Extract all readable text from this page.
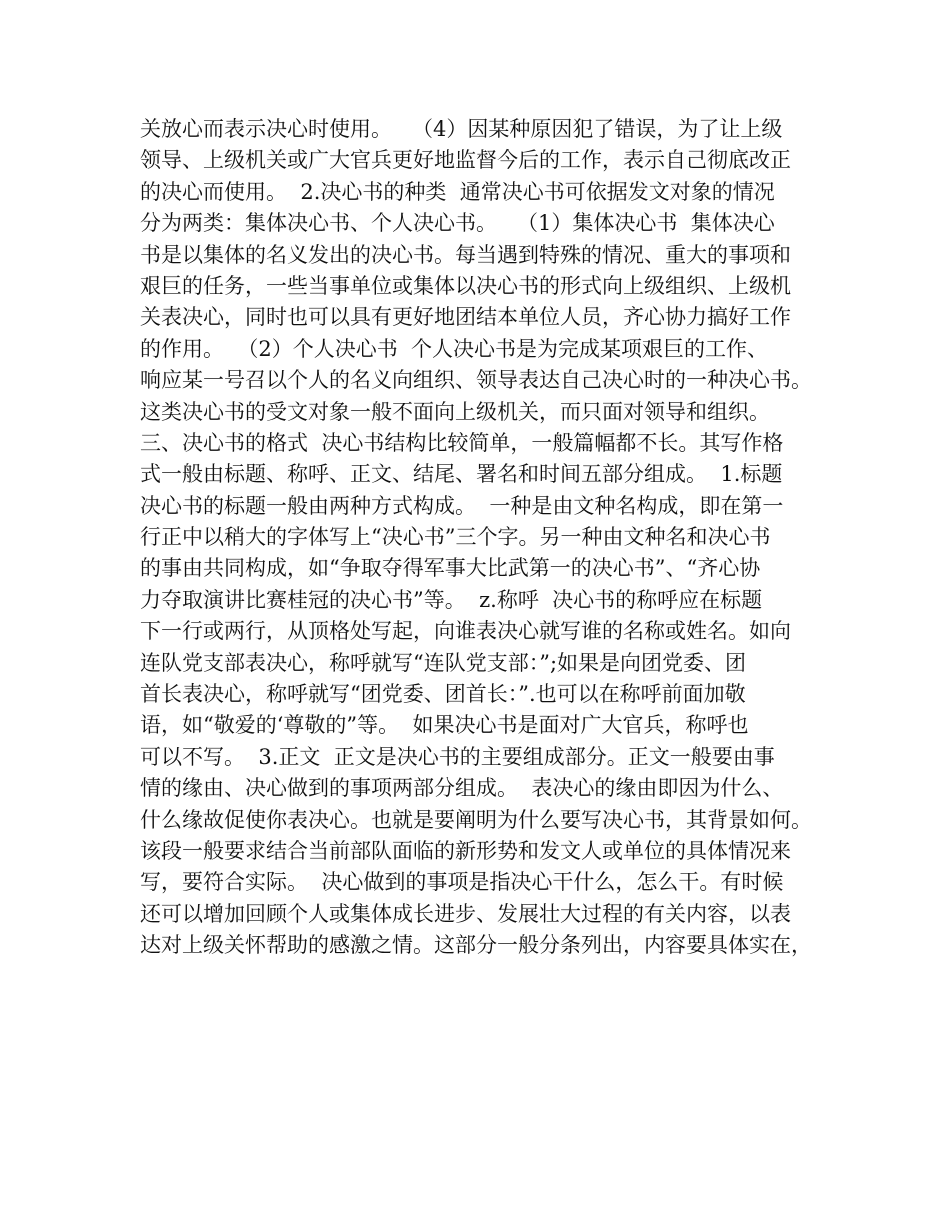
关放心而表示决心时使用。   （4）因某种原因犯了错误，为了让上级
领导、上级机关或广大官兵更好地监督今后的工作，表示自己彻底改正
的决心而使用。  2.决心书的种类  通常决心书可依据发文对象的情况
分为两类：集体决心书、个人决心书。   （1）集体决心书  集体决心
书是以集体的名义发出的决心书。每当遇到特殊的情况、重大的事项和
艰巨的任务，一些当事单位或集体以决心书的形式向上级组织、上级机
关表决心，同时也可以具有更好地团结本单位人员，齐心协力搞好工作
的作用。  （2）个人决心书  个人决心书是为完成某项艰巨的工作、
响应某一号召以个人的名义向组织、领导表达自己决心时的一种决心书。
这类决心书的受文对象一般不面向上级机关，而只面对领导和组织。
三、决心书的格式  决心书结构比较简单，一般篇幅都不长。其写作格
式一般由标题、称呼、正文、结尾、署名和时间五部分组成。  1.标题
决心书的标题一般由两种方式构成。  一种是由文种名构成，即在第一
行正中以稍大的字体写上“决心书”三个字。另一种由文种名和决心书
的事由共同构成，如“争取夺得军事大比武第一的决心书”、“齐心协
力夺取演讲比赛桂冠的决心书”等。  z.称呼  决心书的称呼应在标题
下一行或两行，从顶格处写起，向谁表决心就写谁的名称或姓名。如向
连队党支部表决心，称呼就写“连队党支部：”;如果是向团党委、团
首长表决心，称呼就写“团党委、团首长：”.也可以在称呼前面加敬
语，如“敬爱的‘尊敬的”等。  如果决心书是面对广大官兵，称呼也
可以不写。  3.正文  正文是决心书的主要组成部分。正文一般要由事
情的缘由、决心做到的事项两部分组成。  表决心的缘由即因为什么、
什么缘故促使你表决心。也就是要阐明为什么要写决心书，其背景如何。
该段一般要求结合当前部队面临的新形势和发文人或单位的具体情况来
写，要符合实际。  决心做到的事项是指决心干什么，怎么干。有时候
还可以增加回顾个人或集体成长进步、发展壮大过程的有关内容，以表
达对上级关怀帮助的感激之情。这部分一般分条列出，内容要具体实在，
